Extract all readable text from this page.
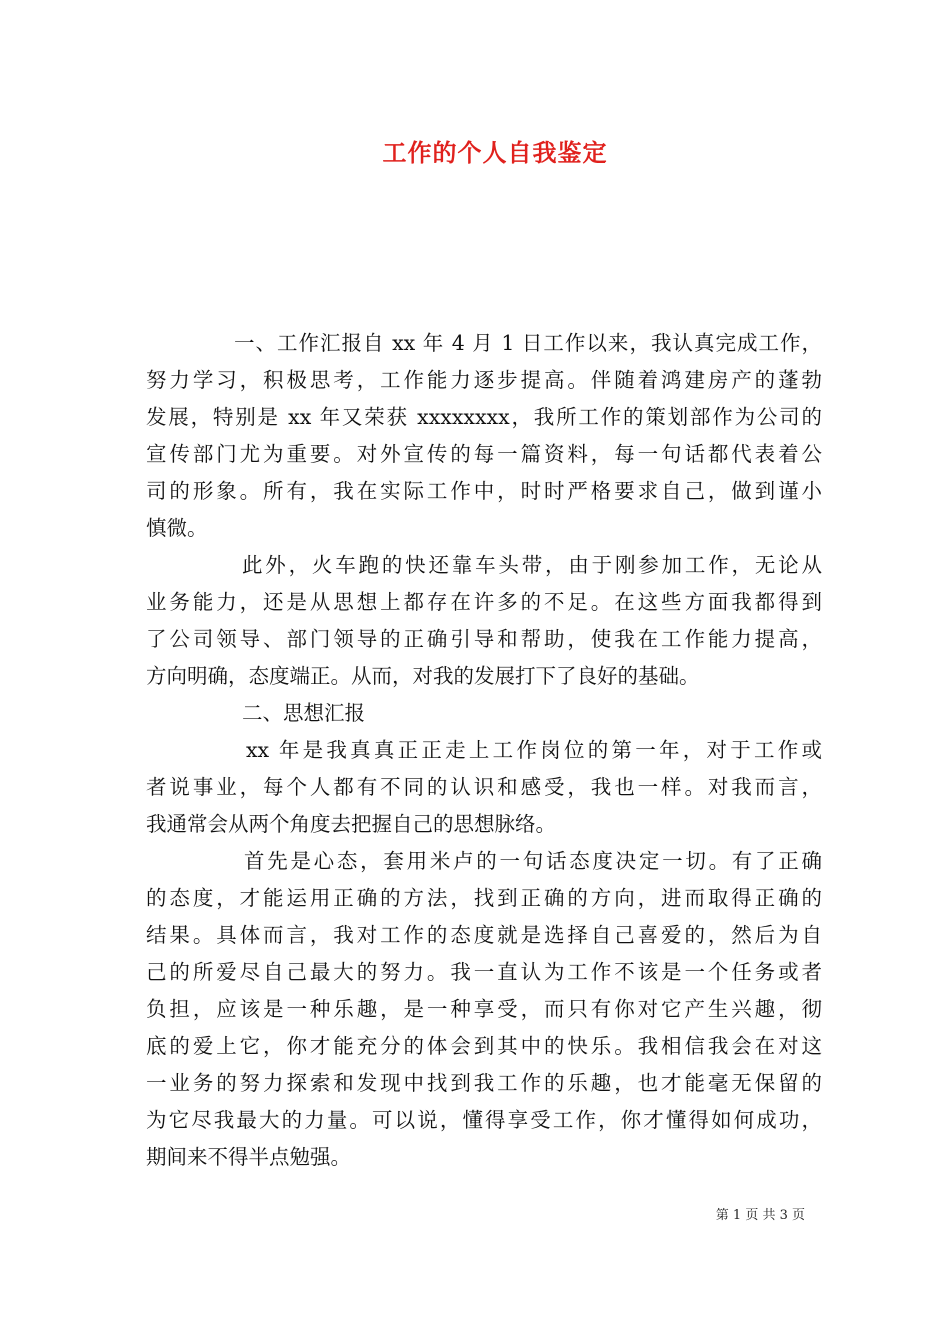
工作的个人自我鉴定
一、工作汇报自 xx 年 4 月 1 日工作以来，我认真完成工作，
努力学习，积极思考，工作能力逐步提高。伴随着鸿建房产的蓬勃
发展，特别是 xx 年又荣获 xxxxxxxx，我所工作的策划部作为公司的
宣传部门尤为重要。对外宣传的每一篇资料，每一句话都代表着公
司的形象。所有，我在实际工作中，时时严格要求自己，做到谨小
慎微。
此外，火车跑的快还靠车头带，由于刚参加工作，无论从
业务能力，还是从思想上都存在许多的不足。在这些方面我都得到
了公司领导、部门领导的正确引导和帮助，使我在工作能力提高，
方向明确，态度端正。从而，对我的发展打下了良好的基础。
二、思想汇报
xx 年是我真真正正走上工作岗位的第一年，对于工作或
者说事业，每个人都有不同的认识和感受，我也一样。对我而言，
我通常会从两个角度去把握自己的思想脉络。
首先是心态，套用米卢的一句话态度决定一切。有了正确
的态度，才能运用正确的方法，找到正确的方向，进而取得正确的
结果。具体而言，我对工作的态度就是选择自己喜爱的，然后为自
己的所爱尽自己最大的努力。我一直认为工作不该是一个任务或者
负担，应该是一种乐趣，是一种享受，而只有你对它产生兴趣，彻
底的爱上它，你才能充分的体会到其中的快乐。我相信我会在对这
一业务的努力探索和发现中找到我工作的乐趣，也才能毫无保留的
为它尽我最大的力量。可以说，懂得享受工作，你才懂得如何成功，
期间来不得半点勉强。
第 1 页 共 3 页
